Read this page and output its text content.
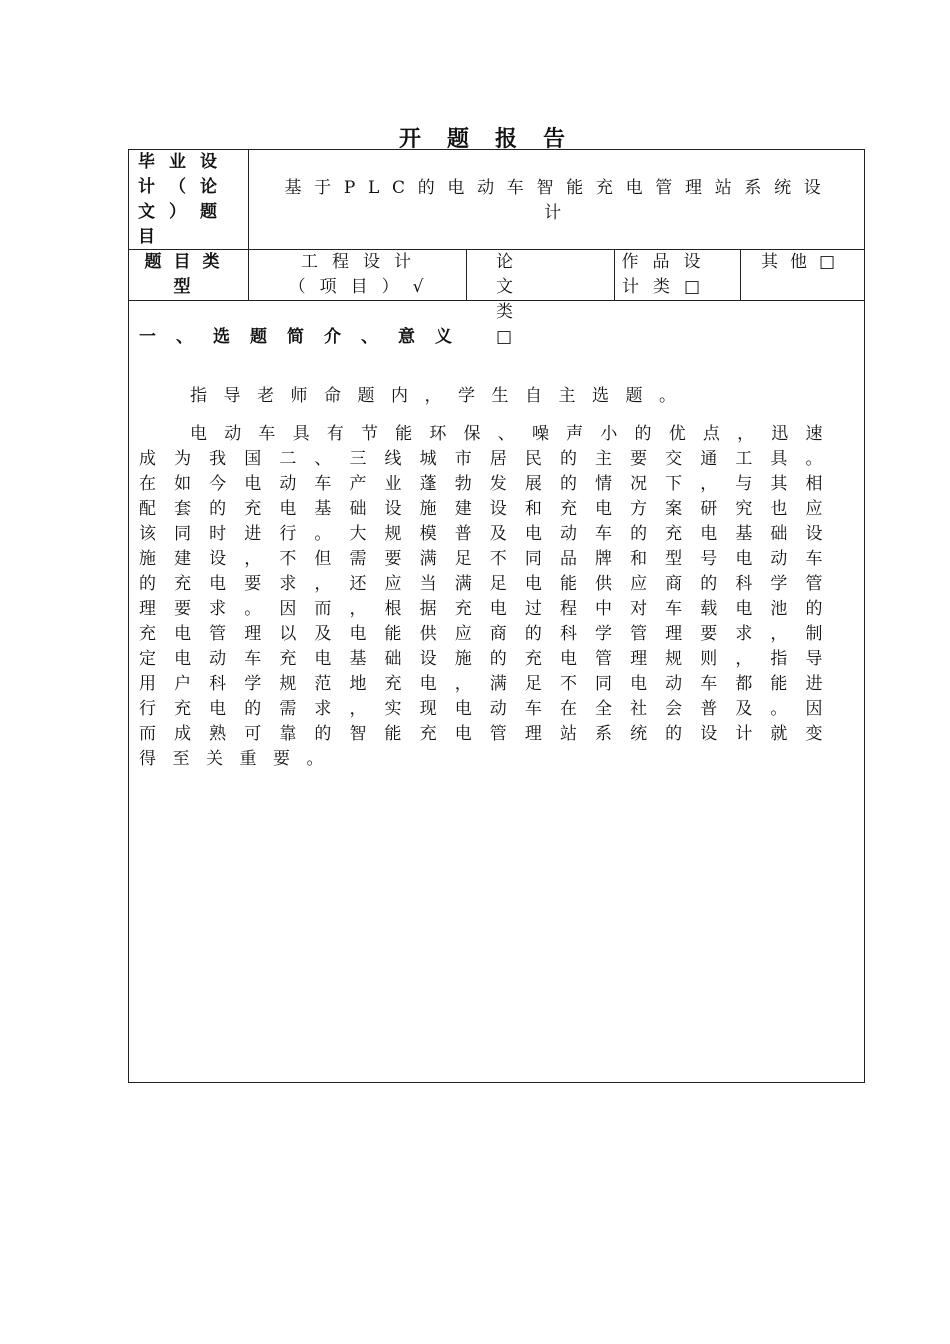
开题报告
毕业设计（论文）题目
基于PLC的电动车智能充电管理站系统设计
题目类型
工程设计（项目）√
论文类□
作品设计类□
其他□
一、选题简介、意义
指导老师命题内，学生自主选题。
电动车具有节能环保、噪声小的优点，迅速成为我国二、三线城市居民的主要交通工具。在如今电动车产业蓬勃发展的情况下，与其相配套的充电基础设施建设和充电方案研究也应该同时进行。大规模普及电动车的充电基础设施建设，不但需要满足不同品牌和型号电动车的充电要求，还应当满足电能供应商的科学管理要求。因而，根据充电过程中对车载电池的充电管理以及电能供应商的科学管理要求，制定电动车充电基础设施的充电管理规则，指导用户科学规范地充电，满足不同电动车都能进行充电的需求，实现电动车在全社会普及。因而成熟可靠的智能充电管理站系统的设计就变得至关重要。
